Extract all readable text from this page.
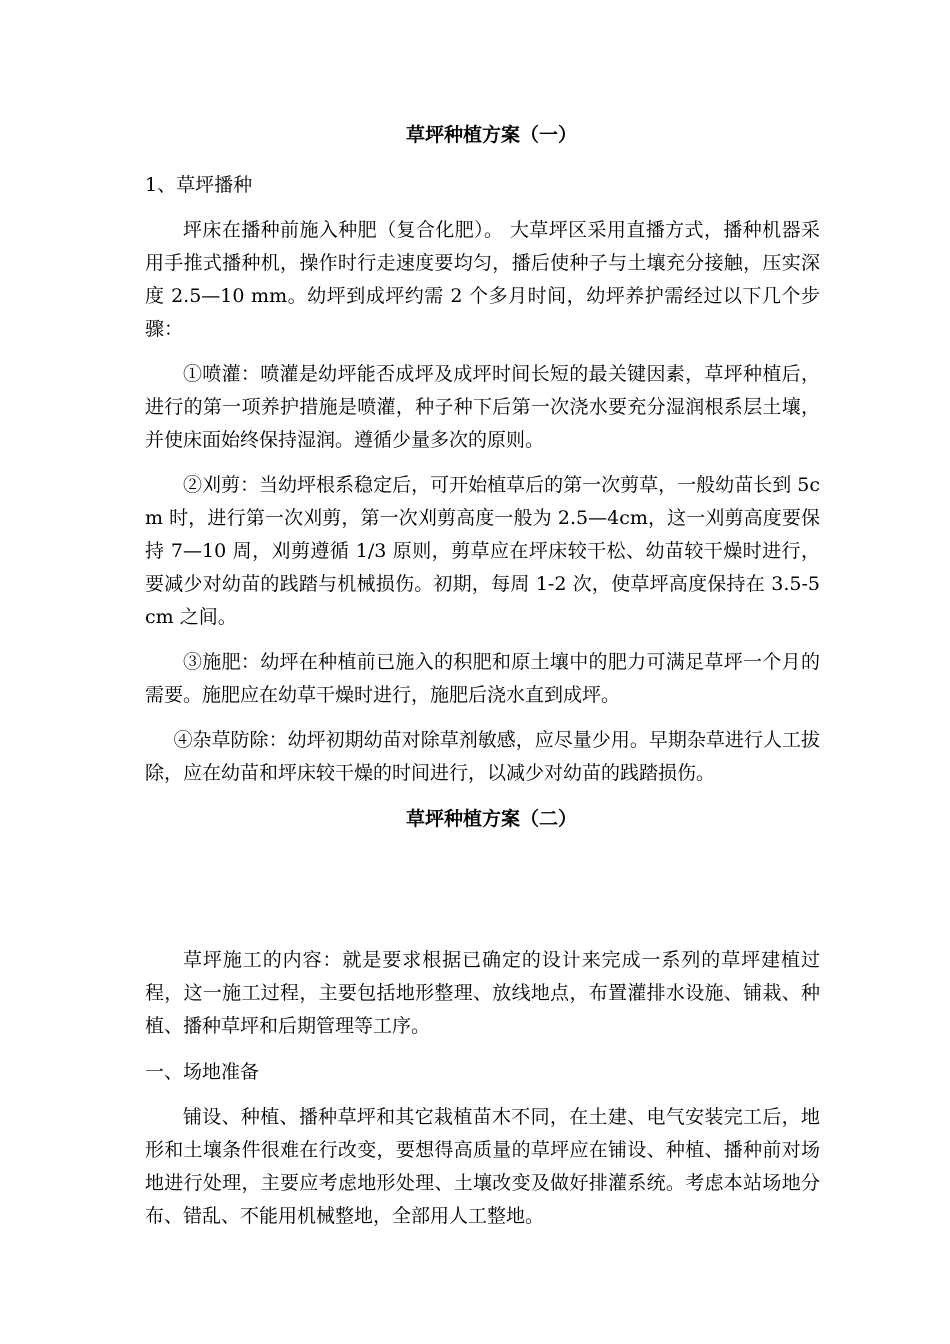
草坪种植方案（一）
1、草坪播种

坪床在播种前施入种肥（复合化肥）。 大草坪区采用直播方式，播种机器采用手推式播种机，操作时行走速度要均匀，播后使种子与土壤充分接触，压实深度 2.5—10 mm。幼坪到成坪约需 2 个多月时间，幼坪养护需经过以下几个步骤：

①喷灌：喷灌是幼坪能否成坪及成坪时间长短的最关键因素，草坪种植后，进行的第一项养护措施是喷灌，种子种下后第一次浇水要充分湿润根系层土壤，并使床面始终保持湿润。遵循少量多次的原则。

②刈剪：当幼坪根系稳定后，可开始植草后的第一次剪草，一般幼苗长到 5cm 时，进行第一次刈剪，第一次刈剪高度一般为 2.5—4cm，这一刈剪高度要保持 7—10 周，刈剪遵循 1/3 原则，剪草应在坪床较干松、幼苗较干燥时进行，要减少对幼苗的践踏与机械损伤。初期，每周 1-2 次，使草坪高度保持在 3.5-5cm 之间。

③施肥：幼坪在种植前已施入的积肥和原土壤中的肥力可满足草坪一个月的需要。施肥应在幼草干燥时进行，施肥后浇水直到成坪。

④杂草防除：幼坪初期幼苗对除草剂敏感，应尽量少用。早期杂草进行人工拔除，应在幼苗和坪床较干燥的时间进行，以减少对幼苗的践踏损伤。

草坪种植方案（二）

草坪施工的内容：就是要求根据已确定的设计来完成一系列的草坪建植过程，这一施工过程，主要包括地形整理、放线地点，布置灌排水设施、铺栽、种植、播种草坪和后期管理等工序。

一、场地准备

铺设、种植、播种草坪和其它栽植苗木不同，在土建、电气安装完工后，地形和土壤条件很难在行改变，要想得高质量的草坪应在铺设、种植、播种前对场地进行处理，主要应考虑地形处理、土壤改变及做好排灌系统。考虑本站场地分布、错乱、不能用机械整地，全部用人工整地。
